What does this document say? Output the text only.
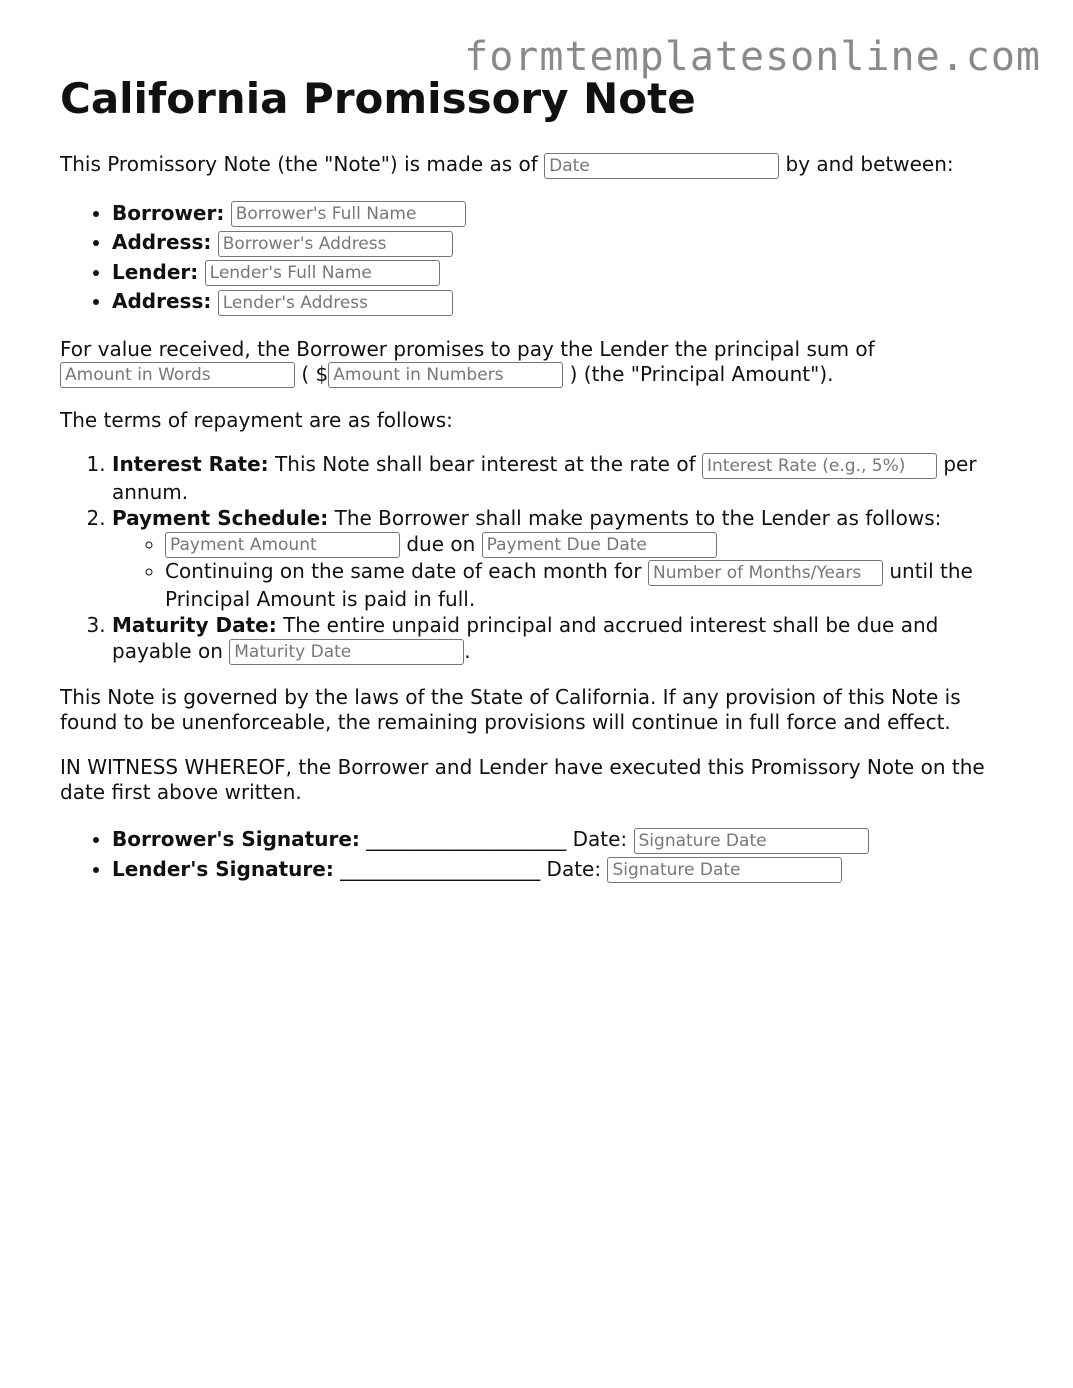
formtemplatesonline.com
California Promissory Note

This Promissory Note (the "Note") is made as of Date	by and between:

• Borrower: Borrower's Full Name
• Address: Borrower's Address
• Lender: Lender's Full Name
• Address: Lender's Address

For value received, the Borrower promises to pay the Lender the principal sum of
Amount in Words ( $Amount in Numbers	) (the "Principal Amount").

The terms of repayment are as follows:

1. Interest Rate: This Note shall bear interest at the rate of Interest Rate (e.g., 5%)	per annum.
2. Payment Schedule: The Borrower shall make payments to the Lender as follows:
Payment Amount ◦ due on Payment Due Date
◦ Continuing on the same date of each month for Number of Months/Years	until the Principal Amount is paid in full.
3. Maturity Date: The entire unpaid principal and accrued interest shall be due and payable on Maturity Date	.

This Note is governed by the laws of the State of California. If any provision of this Note is found to be unenforceable, the remaining provisions will continue in full force and effect.

IN WITNESS WHEREOF, the Borrower and Lender have executed this Promissory Note on the date first above written.

• Borrower's Signature: ____________________ Date: Signature Date
• Lender's Signature: ____________________ Date: Signature Date
